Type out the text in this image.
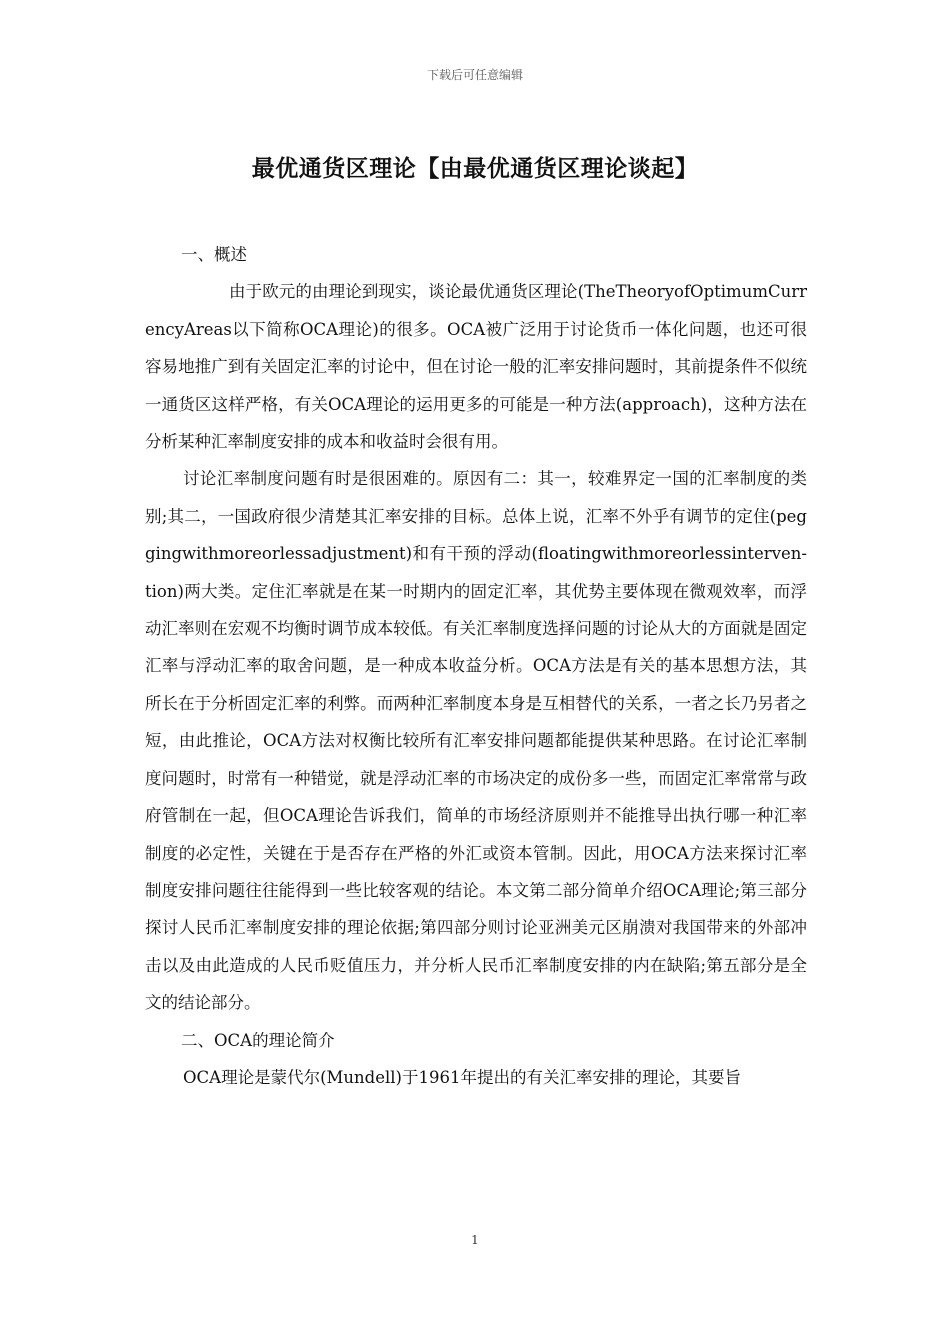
下载后可任意编辑
最优通货区理论【由最优通货区理论谈起】

一、概述

由于欧元的由理论到现实，谈论最优通货区理论(TheTheoryofOptimumCurrencyAreas以下简称OCA理论)的很多。OCA被广泛用于讨论货币一体化问题，也还可很容易地推广到有关固定汇率的讨论中，但在讨论一般的汇率安排问题时，其前提条件不似统一通货区这样严格，有关OCA理论的运用更多的可能是一种方法(approach)，这种方法在分析某种汇率制度安排的成本和收益时会很有用。

讨论汇率制度问题有时是很困难的。原因有二：其一，较难界定一国的汇率制度的类别;其二，一国政府很少清楚其汇率安排的目标。总体上说，汇率不外乎有调节的定住(peggingwithmoreorlessadjustment)和有干预的浮动(floatingwithmoreorlessinterven-tion)两大类。定住汇率就是在某一时期内的固定汇率，其优势主要体现在微观效率，而浮动汇率则在宏观不均衡时调节成本较低。有关汇率制度选择问题的讨论从大的方面就是固定汇率与浮动汇率的取舍问题，是一种成本收益分析。OCA方法是有关的基本思想方法，其所长在于分析固定汇率的利弊。而两种汇率制度本身是互相替代的关系，一者之长乃另者之短，由此推论，OCA方法对权衡比较所有汇率安排问题都能提供某种思路。在讨论汇率制度问题时，时常有一种错觉，就是浮动汇率的市场决定的成份多一些，而固定汇率常常与政府管制在一起，但OCA理论告诉我们，简单的市场经济原则并不能推导出执行哪一种汇率制度的必定性，关键在于是否存在严格的外汇或资本管制。因此，用OCA方法来探讨汇率制度安排问题往往能得到一些比较客观的结论。本文第二部分简单介绍OCA理论;第三部分探讨人民币汇率制度安排的理论依据;第四部分则讨论亚洲美元区崩溃对我国带来的外部冲击以及由此造成的人民币贬值压力，并分析人民币汇率制度安排的内在缺陷;第五部分是全文的结论部分。

二、OCA的理论简介

OCA理论是蒙代尔(Mundell)于1961年提出的有关汇率安排的理论，其要旨

1
